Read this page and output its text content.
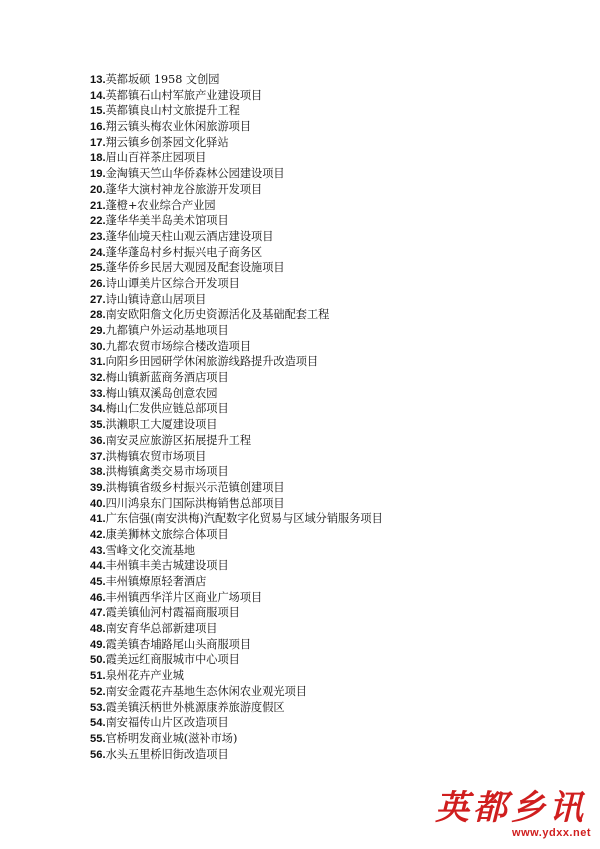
13.英都坂硕 1958 文创园
14.英都镇石山村军旅产业建设项目
15.英都镇良山村文旅提升工程
16.翔云镇头梅农业休闲旅游项目
17.翔云镇乡创茶园文化驿站
18.眉山百祥茶庄园项目
19.金淘镇天竺山华侨森林公园建设项目
20.蓬华大演村神龙谷旅游开发项目
21.蓬橙+农业综合产业园
22.蓬华华美半岛美术馆项目
23.蓬华仙境天柱山观云酒店建设项目
24.蓬华蓬岛村乡村振兴电子商务区
25.蓬华侨乡民居大观园及配套设施项目
26.诗山谭美片区综合开发项目
27.诗山镇诗意山居项目
28.南安欧阳詹文化历史资源活化及基础配套工程
29.九都镇户外运动基地项目
30.九都农贸市场综合楼改造项目
31.向阳乡田园研学休闲旅游线路提升改造项目
32.梅山镇新蓝商务酒店项目
33.梅山镇双溪岛创意农园
34.梅山仁发供应链总部项目
35.洪濑职工大厦建设项目
36.南安灵应旅游区拓展提升工程
37.洪梅镇农贸市场项目
38.洪梅镇禽类交易市场项目
39.洪梅镇省级乡村振兴示范镇创建项目
40.四川鸿泉东门国际洪梅销售总部项目
41.广东信强(南安洪梅)汽配数字化贸易与区域分销服务项目
42.康美狮林文旅综合体项目
43.雪峰文化交流基地
44.丰州镇丰美古城建设项目
45.丰州镇燎原轻奢酒店
46.丰州镇西华洋片区商业广场项目
47.霞美镇仙河村霞福商服项目
48.南安育华总部新建项目
49.霞美镇杏埔路尾山头商服项目
50.霞美远红商服城市中心项目
51.泉州花卉产业城
52.南安金霞花卉基地生态休闲农业观光项目
53.霞美镇沃柄世外桃源康养旅游度假区
54.南安福传山片区改造项目
55.官桥明发商业城(滋补市场)
56.水头五里桥旧街改造项目
英都乡讯
www.ydxx.net
